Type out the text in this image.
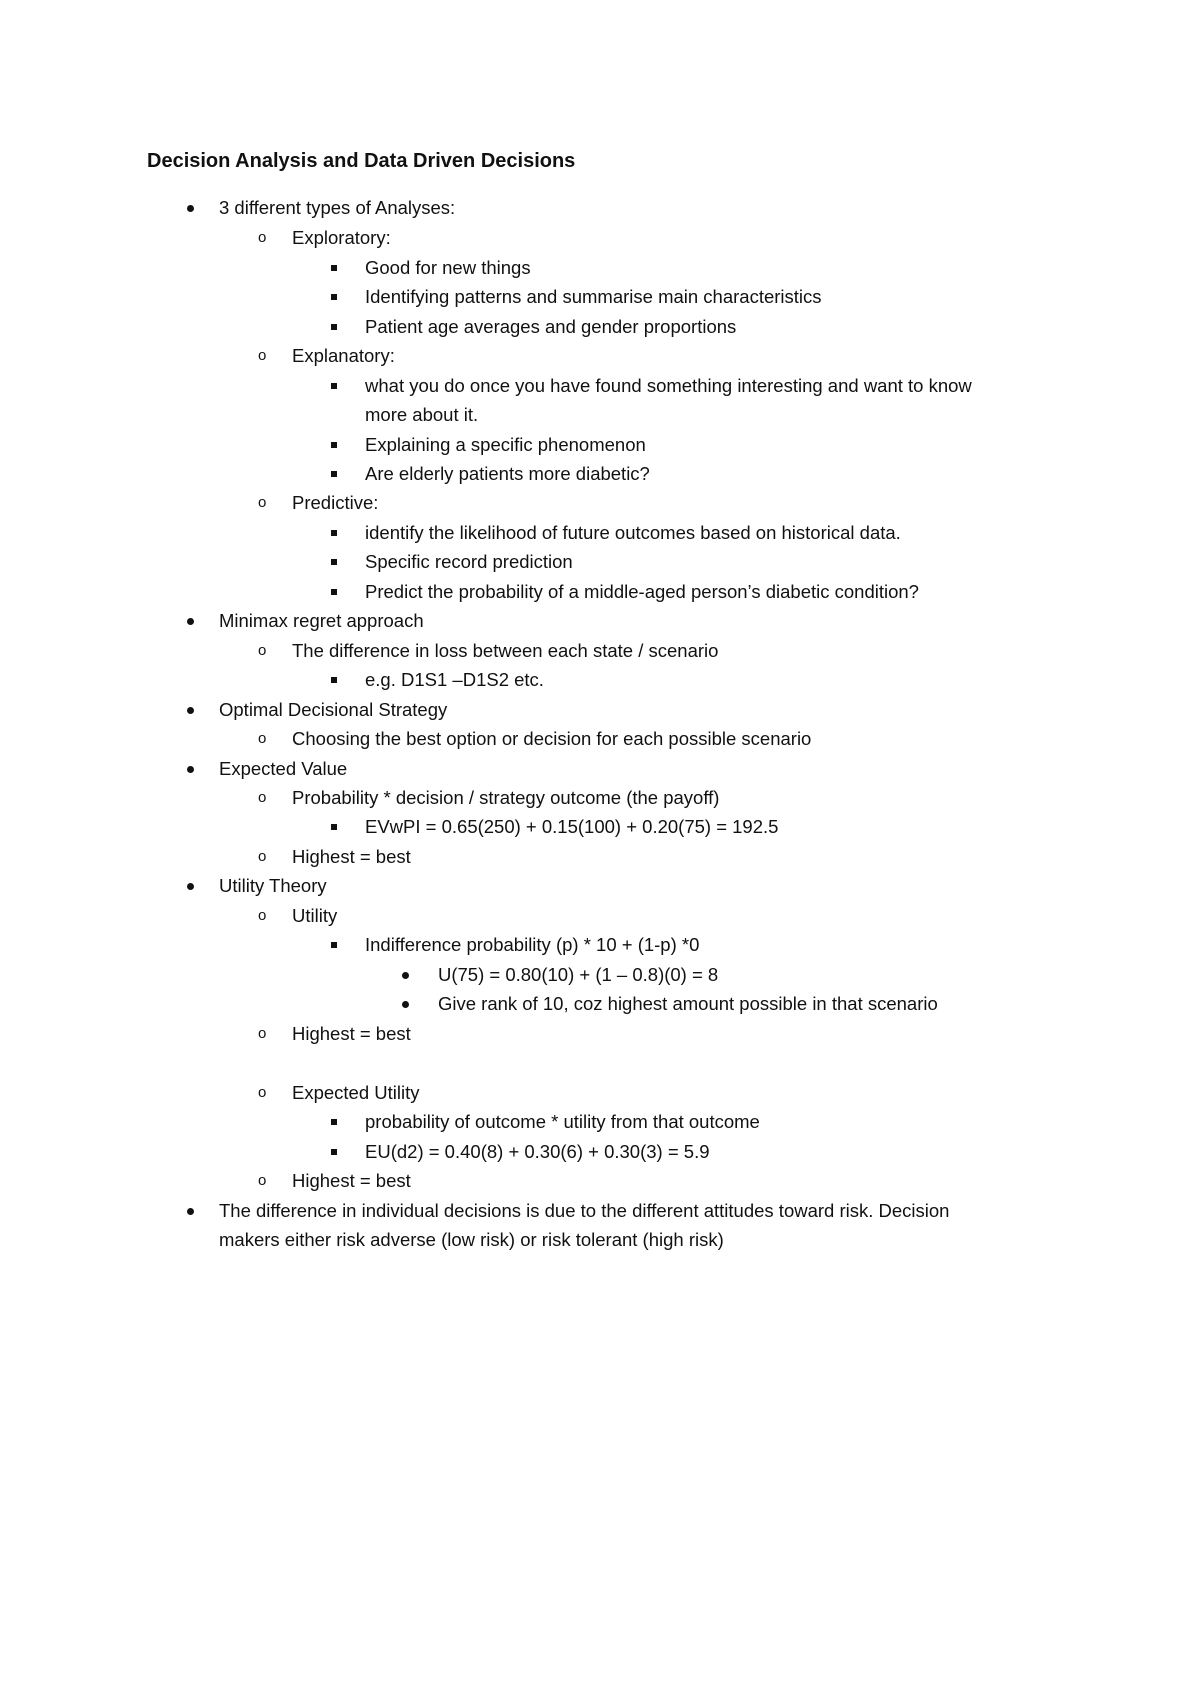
Decision Analysis and Data Driven Decisions
3 different types of Analyses:
o Exploratory:
Good for new things
Identifying patterns and summarise main characteristics
Patient age averages and gender proportions
o Explanatory:
what you do once you have found something interesting and want to know
more about it.
Explaining a specific phenomenon
Are elderly patients more diabetic?
o Predictive:
identify the likelihood of future outcomes based on historical data.
Specific record prediction
Predict the probability of a middle-aged person’s diabetic condition?
Minimax regret approach
o The difference in loss between each state / scenario
e.g. D1S1 –D1S2 etc.
Optimal Decisional Strategy
o Choosing the best option or decision for each possible scenario
Expected Value
o Probability * decision / strategy outcome (the payoff)
EVwPI = 0.65(250) + 0.15(100) + 0.20(75) = 192.5
o Highest = best
Utility Theory
o Utility
Indifference probability (p) * 10 + (1-p) *0
U(75) = 0.80(10) + (1 – 0.8)(0) = 8
Give rank of 10, coz highest amount possible in that scenario
o Highest = best
o Expected Utility
probability of outcome * utility from that outcome
EU(d2) = 0.40(8) + 0.30(6) + 0.30(3) = 5.9
o Highest = best
The difference in individual decisions is due to the different attitudes toward risk. Decision
makers either risk adverse (low risk) or risk tolerant (high risk)
